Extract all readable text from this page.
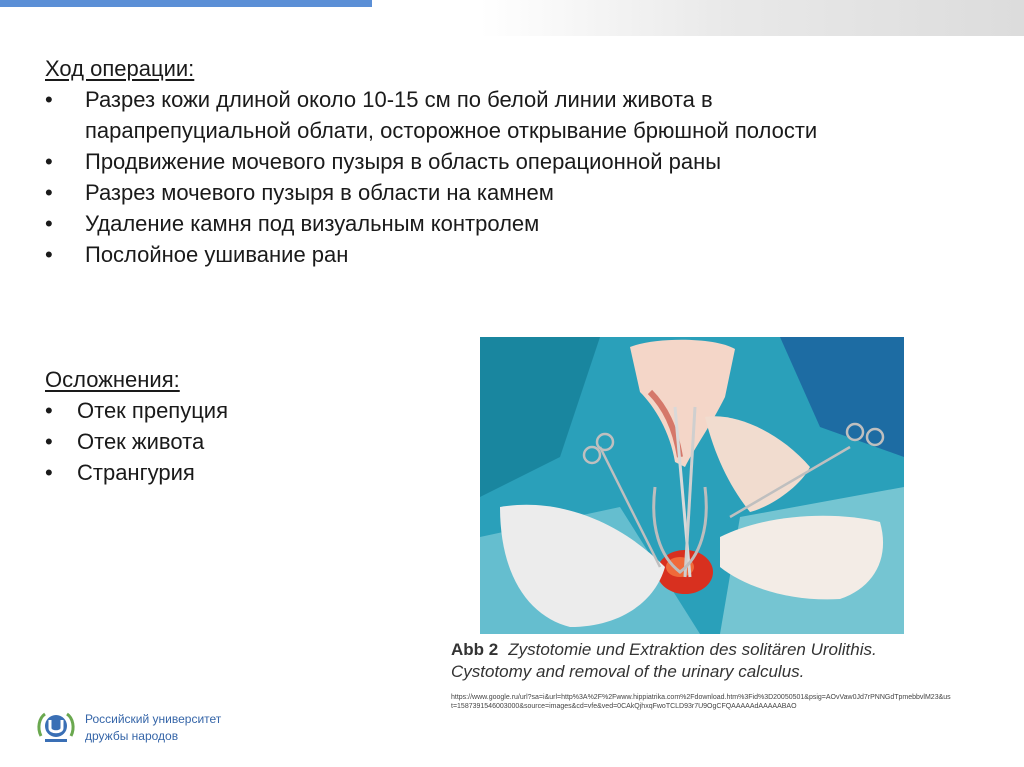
Ход операции:
• Разрез кожи длиной около 10-15 см по белой линии живота в парапрепуциальной облати, осторожное открывание брюшной полости
• Продвижение мочевого пузыря в область операционной раны
• Разрез мочевого пузыря в области на камнем
• Удаление камня под визуальным контролем
• Послойное ушивание ран
Осложнения:
• Отек препуция
• Отек живота
• Странгурия
Abb 2 Zystotomie und Extraktion des solitären Urolithis.
Cystotomy and removal of the urinary calculus.
https://www.google.ru/url?sa=i&url=http%3A%2F%2Fwww.hippiatrika.com%2Fdownload.htm%3Fid%3D20050501&psig=AOvVaw0Jd7rPNNGdTpmebbvlM23&ust=1587391546003000&source=images&cd=vfe&ved=0CAkQjhxqFwoTCLD93r7U9OgCFQAAAAAdAAAAABAO
Российский университет
дружбы народов
